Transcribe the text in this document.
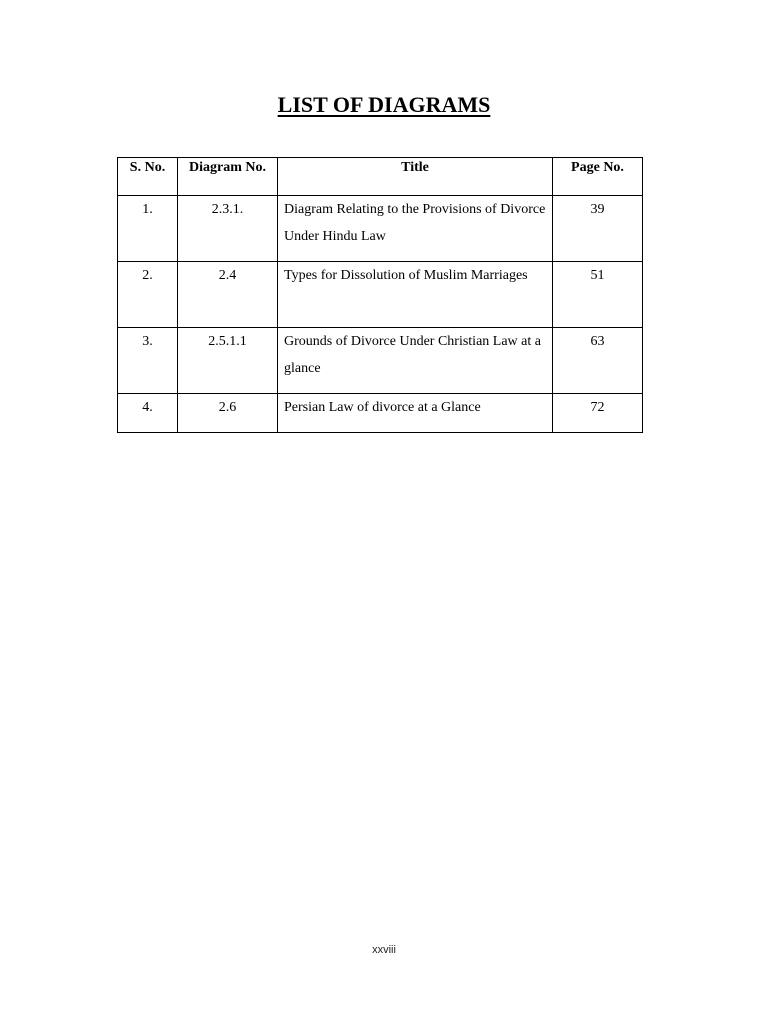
LIST OF DIAGRAMS
S. No.	Diagram No.	Title	Page No.
1.	2.3.1.	Diagram Relating to the Provisions of Divorce Under Hindu Law	39
2.	2.4	Types for Dissolution of Muslim Marriages	51
3.	2.5.1.1	Grounds of Divorce Under Christian Law at a glance	63
4.	2.6	Persian Law of divorce at a Glance	72
xxviii
